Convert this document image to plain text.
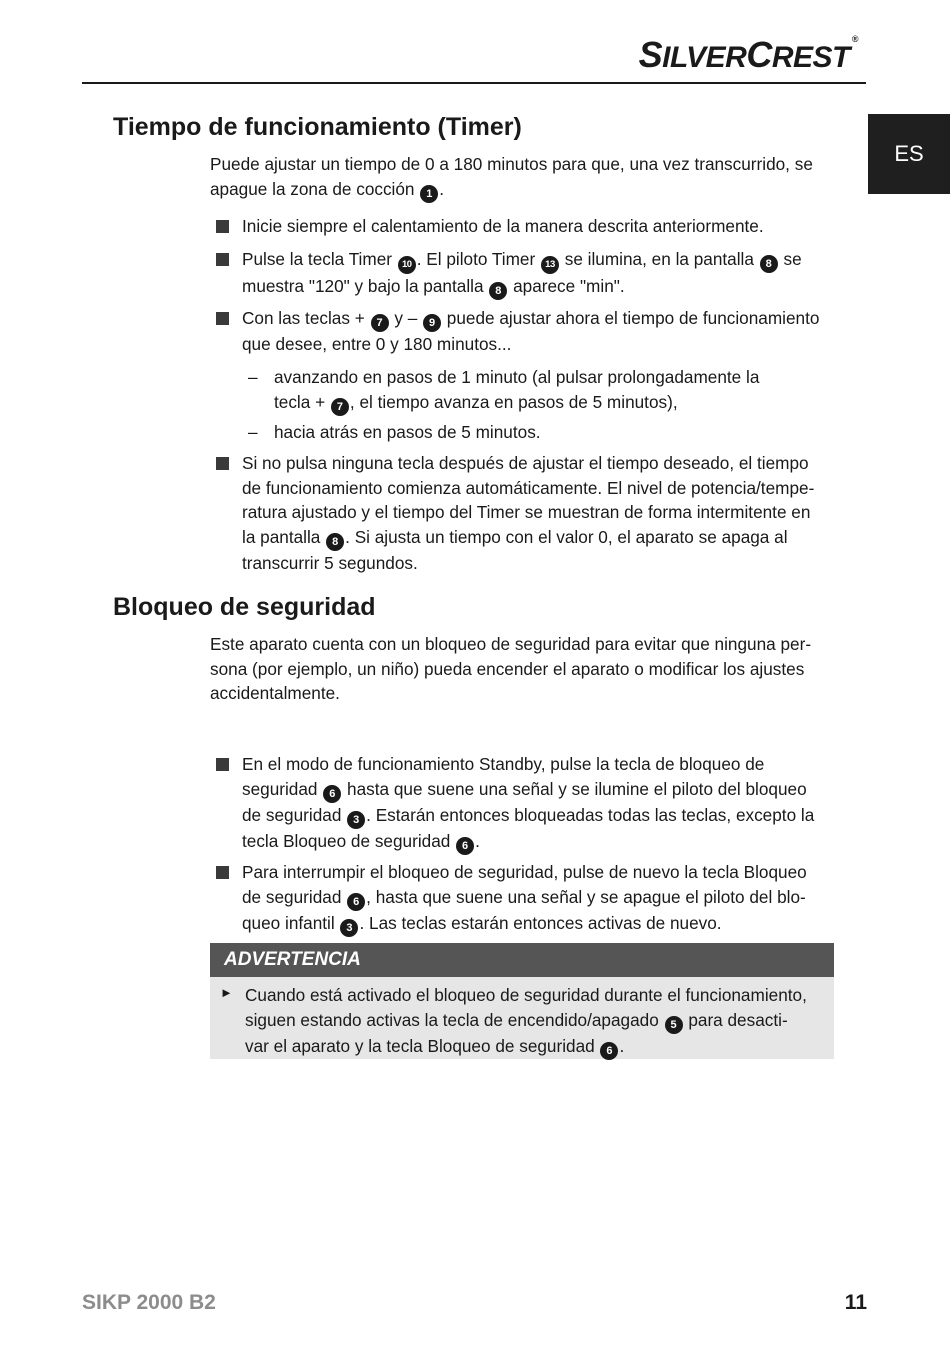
SILVERCREST®
ES
Tiempo de funcionamiento (Timer)

Puede ajustar un tiempo de 0 a 180 minutos para que, una vez transcurrido, se
apague la zona de cocción 1 .

Inicie siempre el calentamiento de la manera descrita anteriormente.
Pulse la tecla Timer 10 . El piloto Timer 13 se ilumina, en la pantalla 8 se
muestra "120" y bajo la pantalla 8 aparece "min".
Con las teclas + 7 y – 9 puede ajustar ahora el tiempo de funcionamiento
que desee, entre 0 y 180 minutos...
– avanzando en pasos de 1 minuto (al pulsar prolongadamente la
tecla + 7 , el tiempo avanza en pasos de 5 minutos),
– hacia atrás en pasos de 5 minutos.
Si no pulsa ninguna tecla después de ajustar el tiempo deseado, el tiempo
de funcionamiento comienza automáticamente. El nivel de potencia/tempe-
ratura ajustado y el tiempo del Timer se muestran de forma intermitente en
la pantalla 8 . Si ajusta un tiempo con el valor 0, el aparato se apaga al
transcurrir 5 segundos.
Bloqueo de seguridad

Este aparato cuenta con un bloqueo de seguridad para evitar que ninguna per-
sona (por ejemplo, un niño) pueda encender el aparato o modificar los ajustes
accidentalmente.

En el modo de funcionamiento Standby, pulse la tecla de bloqueo de
seguridad 6 hasta que suene una señal y se ilumine el piloto del bloqueo
de seguridad 3 . Estarán entonces bloqueadas todas las teclas, excepto la
tecla Bloqueo de seguridad 6 .
Para interrumpir el bloqueo de seguridad, pulse de nuevo la tecla Bloqueo
de seguridad 6 , hasta que suene una señal y se apague el piloto del blo-
queo infantil 3 . Las teclas estarán entonces activas de nuevo.
ADVERTENCIA
► Cuando está activado el bloqueo de seguridad durante el funcionamiento,
siguen estando activas la tecla de encendido/apagado 5 para desacti-
var el aparato y la tecla Bloqueo de seguridad 6 .
SIKP 2000 B2	11
